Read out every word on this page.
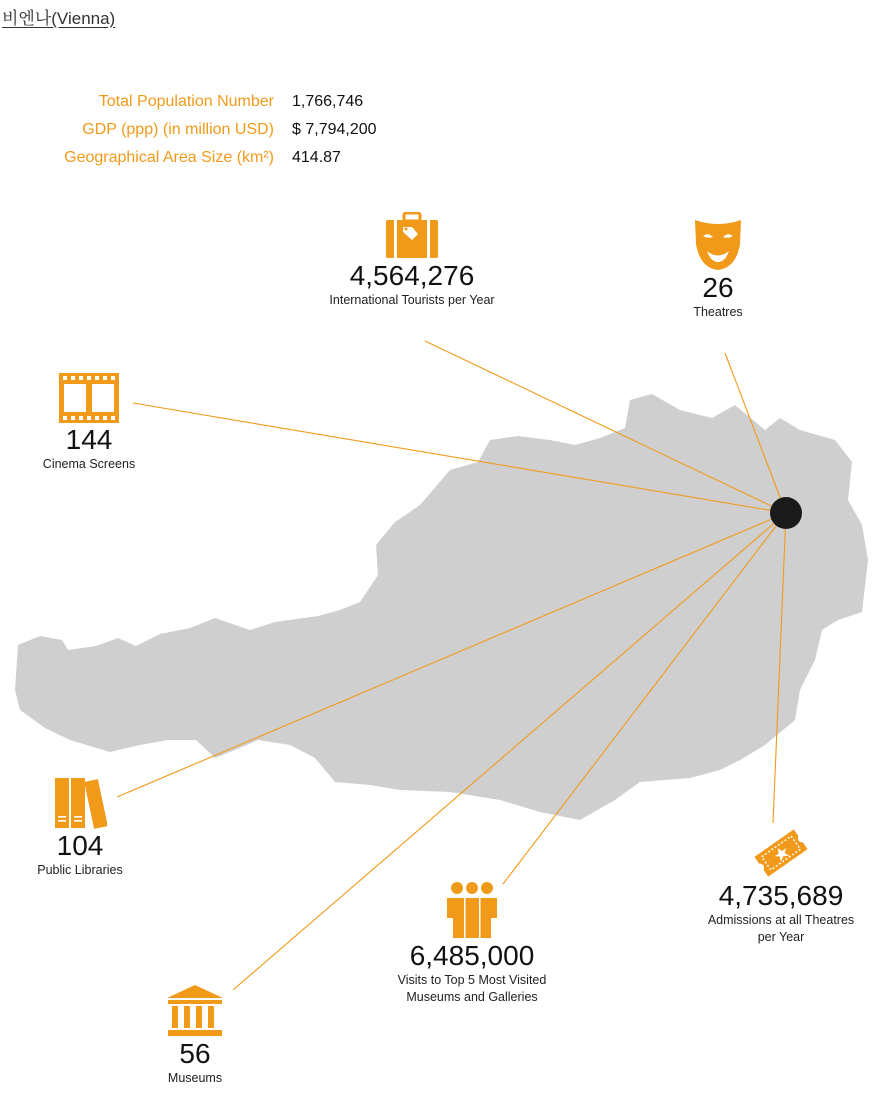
비엔나(Vienna)
Total Population Number	1,766,746
GDP (ppp) (in million USD)	$ 7,794,200
Geographical Area Size (km²)	414.87
4,564,276
International Tourists per Year	26
Theatres
144
Cinema Screens
104
Public Libraries
56
Museums
6,485,000
Visits to Top 5 Most Visited
Museums and Galleries
4,735,689
Admissions at all Theatres
per Year
